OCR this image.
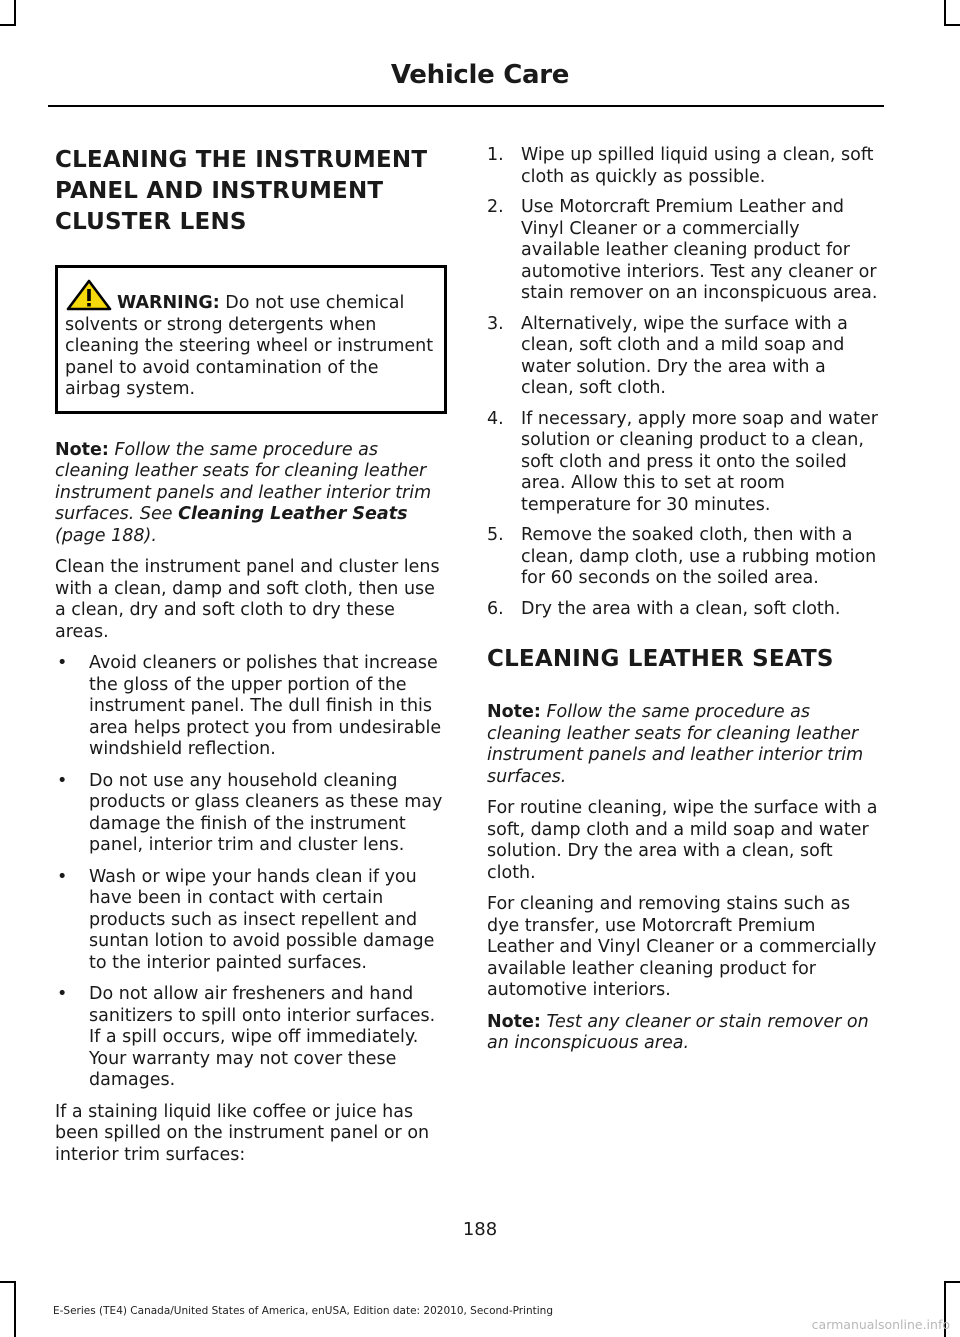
Vehicle Care
CLEANING THE INSTRUMENT PANEL AND INSTRUMENT CLUSTER LENS
WARNING: Do not use chemical solvents or strong detergents when cleaning the steering wheel or instrument panel to avoid contamination of the airbag system.

Note: Follow the same procedure as cleaning leather seats for cleaning leather instrument panels and leather interior trim surfaces. See Cleaning Leather Seats (page 188).

Clean the instrument panel and cluster lens with a clean, damp and soft cloth, then use a clean, dry and soft cloth to dry these areas.

• Avoid cleaners or polishes that increase the gloss of the upper portion of the instrument panel. The dull finish in this area helps protect you from undesirable windshield reflection.
• Do not use any household cleaning products or glass cleaners as these may damage the finish of the instrument panel, interior trim and cluster lens.
• Wash or wipe your hands clean if you have been in contact with certain products such as insect repellent and suntan lotion to avoid possible damage to the interior painted surfaces.
• Do not allow air fresheners and hand sanitizers to spill onto interior surfaces. If a spill occurs, wipe off immediately. Your warranty may not cover these damages.

If a staining liquid like coffee or juice has been spilled on the instrument panel or on interior trim surfaces:

1. Wipe up spilled liquid using a clean, soft cloth as quickly as possible.
2. Use Motorcraft Premium Leather and Vinyl Cleaner or a commercially available leather cleaning product for automotive interiors. Test any cleaner or stain remover on an inconspicuous area.
3. Alternatively, wipe the surface with a clean, soft cloth and a mild soap and water solution. Dry the area with a clean, soft cloth.
4. If necessary, apply more soap and water solution or cleaning product to a clean, soft cloth and press it onto the soiled area. Allow this to set at room temperature for 30 minutes.
5. Remove the soaked cloth, then with a clean, damp cloth, use a rubbing motion for 60 seconds on the soiled area.
6. Dry the area with a clean, soft cloth.
CLEANING LEATHER SEATS

Note: Follow the same procedure as cleaning leather seats for cleaning leather instrument panels and leather interior trim surfaces.

For routine cleaning, wipe the surface with a soft, damp cloth and a mild soap and water solution. Dry the area with a clean, soft cloth.

For cleaning and removing stains such as dye transfer, use Motorcraft Premium Leather and Vinyl Cleaner or a commercially available leather cleaning product for automotive interiors.

Note: Test any cleaner or stain remover on an inconspicuous area.

188
E-Series (TE4) Canada/United States of America, enUSA, Edition date: 202010, Second-Printing
carmanualsonline.info
